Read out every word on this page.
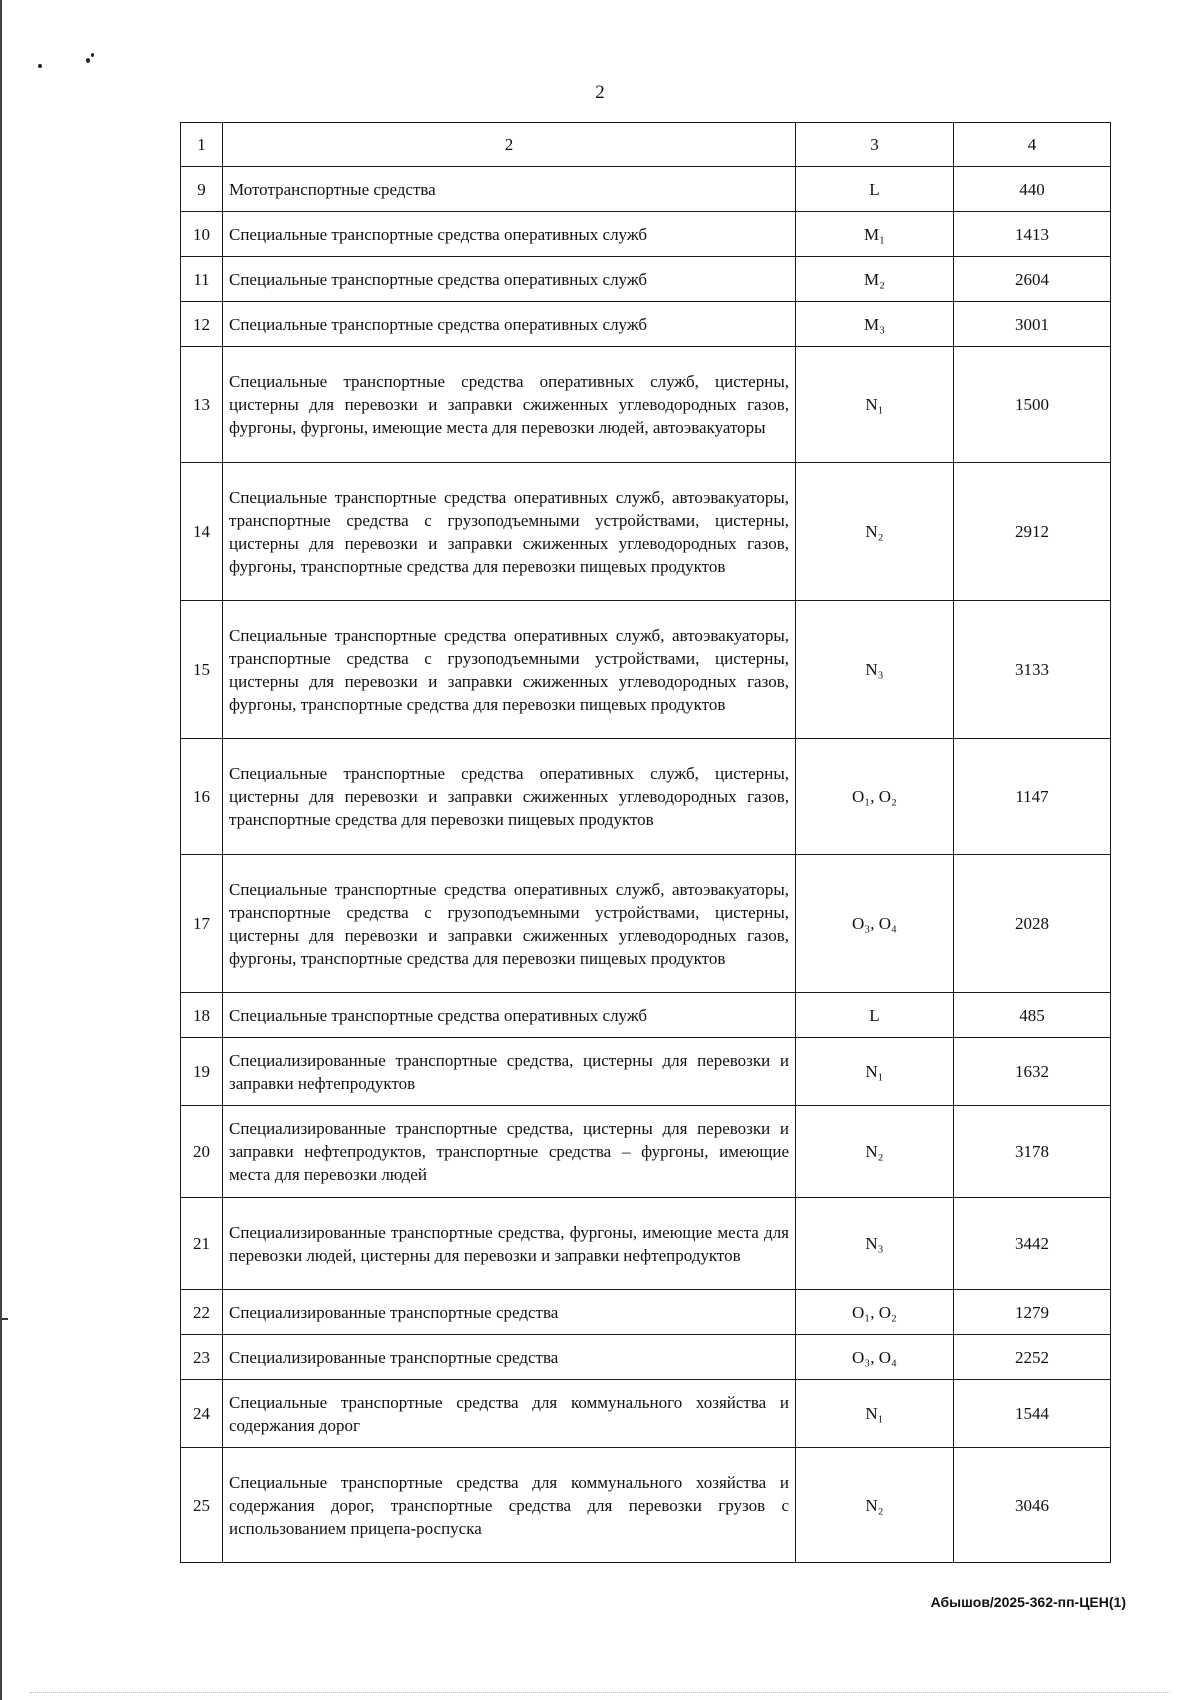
2
1	2	3	4
9	Мототранспортные средства	L	440
10	Специальные транспортные средства оперативных служб	M₁	1413
11	Специальные транспортные средства оперативных служб	M₂	2604
12	Специальные транспортные средства оперативных служб	M₃	3001
13	Специальные транспортные средства оперативных служб, цистерны, цистерны для перевозки и заправки сжиженных углеводородных газов, фургоны, фургоны, имеющие места для перевозки людей, автоэвакуаторы	N₁	1500
14	Специальные транспортные средства оперативных служб, автоэвакуаторы, транспортные средства с грузоподъемными устройствами, цистерны, цистерны для перевозки и заправки сжиженных углеводородных газов, фургоны, транспортные средства для перевозки пищевых продуктов	N₂	2912
15	Специальные транспортные средства оперативных служб, автоэвакуаторы, транспортные средства с грузоподъемными устройствами, цистерны, цистерны для перевозки и заправки сжиженных углеводородных газов, фургоны, транспортные средства для перевозки пищевых продуктов	N₃	3133
16	Специальные транспортные средства оперативных служб, цистерны, цистерны для перевозки и заправки сжиженных углеводородных газов, транспортные средства для перевозки пищевых продуктов	O₁, O₂	1147
17	Специальные транспортные средства оперативных служб, автоэвакуаторы, транспортные средства с грузоподъемными устройствами, цистерны, цистерны для перевозки и заправки сжиженных углеводородных газов, фургоны, транспортные средства для перевозки пищевых продуктов	O₃, O₄	2028
18	Специальные транспортные средства оперативных служб	L	485
19	Специализированные транспортные средства, цистерны для перевозки и заправки нефтепродуктов	N₁	1632
20	Специализированные транспортные средства, цистерны для перевозки и заправки нефтепродуктов, транспортные средства – фургоны, имеющие места для перевозки людей	N₂	3178
21	Специализированные транспортные средства, фургоны, имеющие места для перевозки людей, цистерны для перевозки и заправки нефтепродуктов	N₃	3442
22	Специализированные транспортные средства	O₁, O₂	1279
23	Специализированные транспортные средства	O₃, O₄	2252
24	Специальные транспортные средства для коммунального хозяйства и содержания дорог	N₁	1544
25	Специальные транспортные средства для коммунального хозяйства и содержания дорог, транспортные средства для перевозки грузов с использованием прицепа-роспуска	N₂	3046
Абышов/2025-362-пп-ЦЕН(1)
